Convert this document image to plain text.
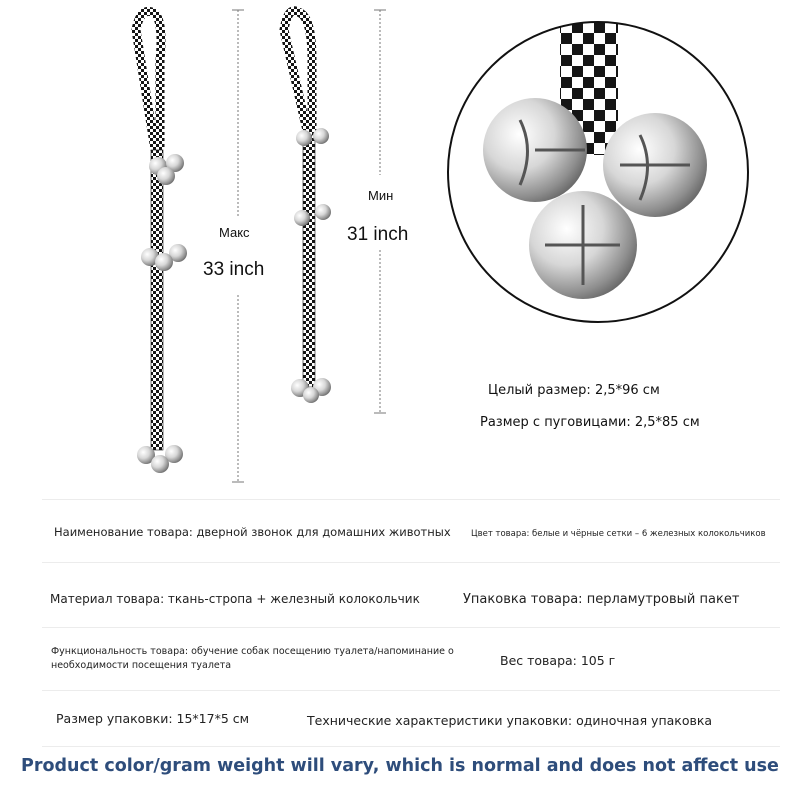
Макс
33 inch
Мин
31 inch
Целый размер: 2,5*96 см
Размер с пуговицами: 2,5*85 см
Наименование товара: дверной звонок для домашних животных Цвет товара: белые и чёрные сетки – 6 железных колокольчиков
Материал товара: ткань-стропа + железный колокольчик	Упаковка товара: перламутровый пакет
Функциональность товара: обучение собак посещению туалета/напоминание о
необходимости посещения туалета	Вес товара: 105 г
Размер упаковки: 15*17*5 см	Технические характеристики упаковки: одиночная упаковка
Product color/gram weight will vary, which is normal and does not affect use
